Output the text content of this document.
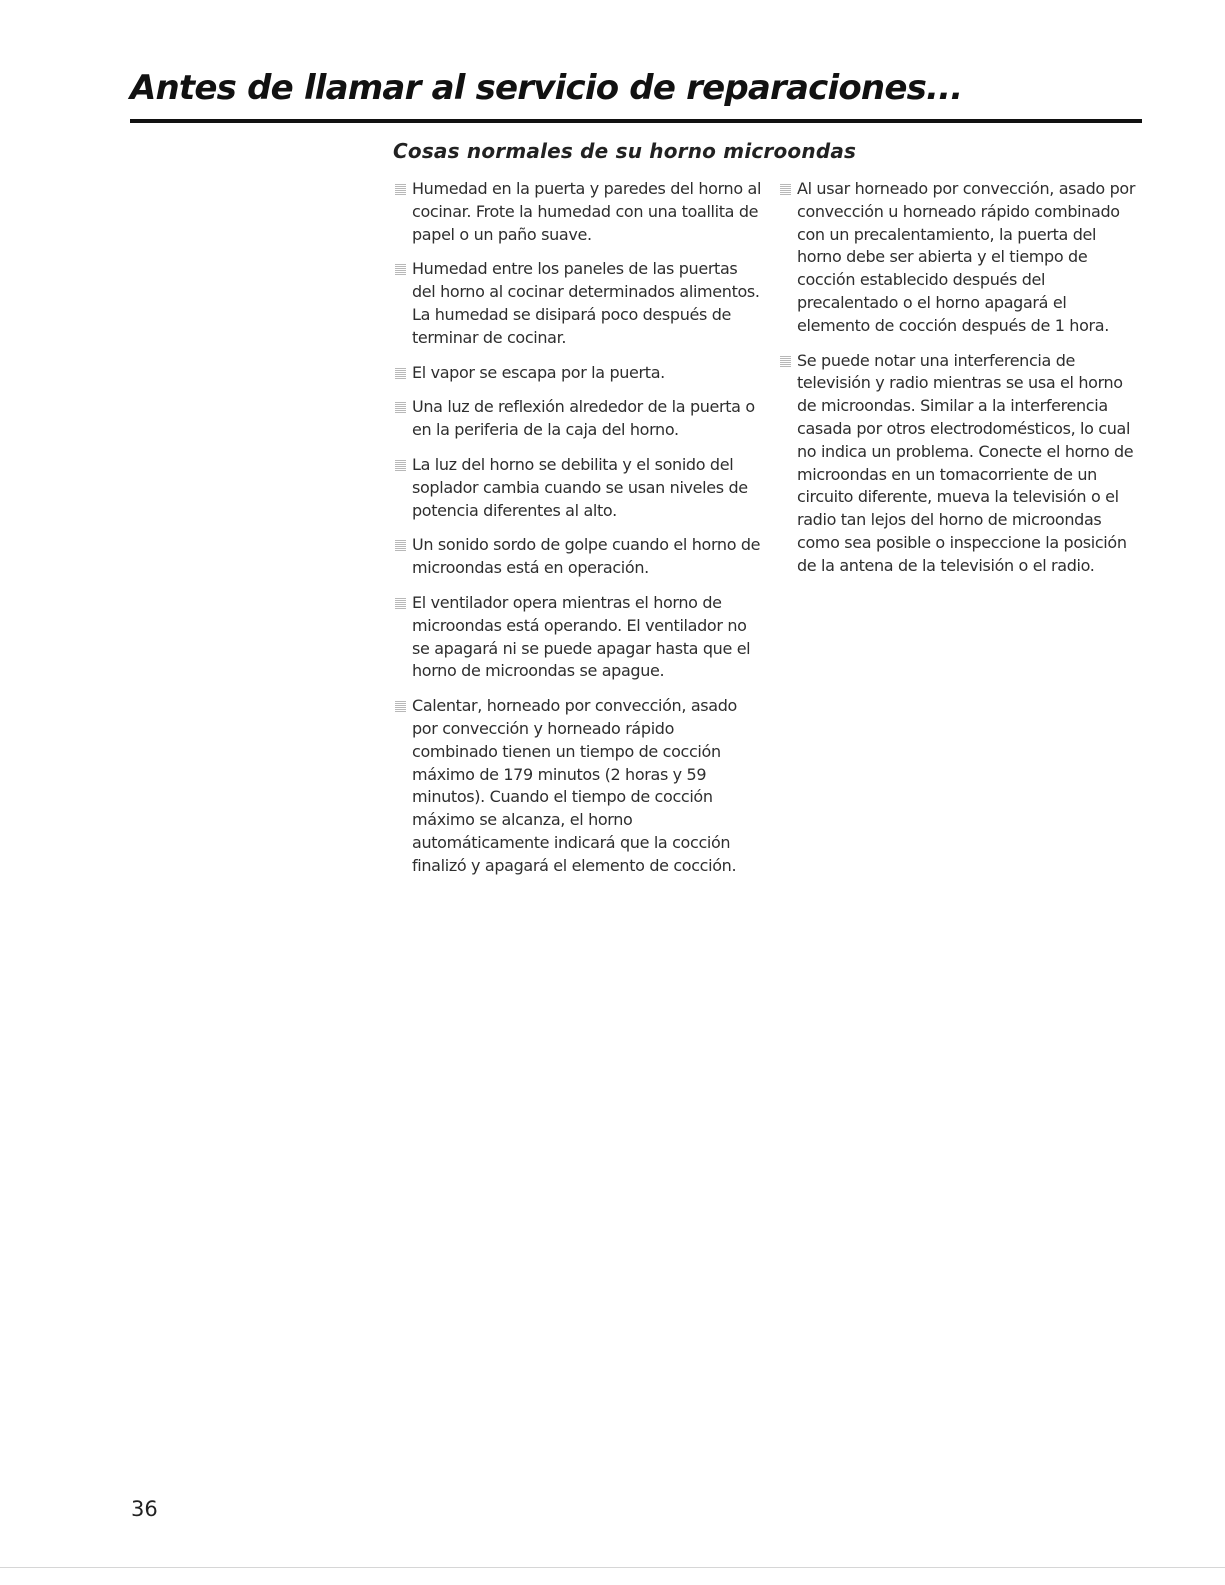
Antes de llamar al servicio de reparaciones...
Cosas normales de su horno microondas
Humedad en la puerta y paredes del horno al cocinar. Frote la humedad con una toallita de papel o un paño suave.
Humedad entre los paneles de las puertas del horno al cocinar determinados alimentos. La humedad se disipará poco después de terminar de cocinar.
El vapor se escapa por la puerta.
Una luz de reflexión alrededor de la puerta o en la periferia de la caja del horno.
La luz del horno se debilita y el sonido del soplador cambia cuando se usan niveles de potencia diferentes al alto.
Un sonido sordo de golpe cuando el horno de microondas está en operación.
El ventilador opera mientras el horno de microondas está operando. El ventilador no se apagará ni se puede apagar hasta que el horno de microondas se apague.
Calentar, horneado por convección, asado por convección y horneado rápido combinado tienen un tiempo de cocción máximo de 179 minutos (2 horas y 59 minutos). Cuando el tiempo de cocción máximo se alcanza, el horno automáticamente indicará que la cocción finalizó y apagará el elemento de cocción.
Al usar horneado por convección, asado por convección u horneado rápido combinado con un precalentamiento, la puerta del horno debe ser abierta y el tiempo de cocción establecido después del precalentado o el horno apagará el elemento de cocción después de 1 hora.
Se puede notar una interferencia de televisión y radio mientras se usa el horno de microondas. Similar a la interferencia casada por otros electrodomésticos, lo cual no indica un problema. Conecte el horno de microondas en un tomacorriente de un circuito diferente, mueva la televisión o el radio tan lejos del horno de microondas como sea posible o inspeccione la posición de la antena de la televisión o el radio.
36
